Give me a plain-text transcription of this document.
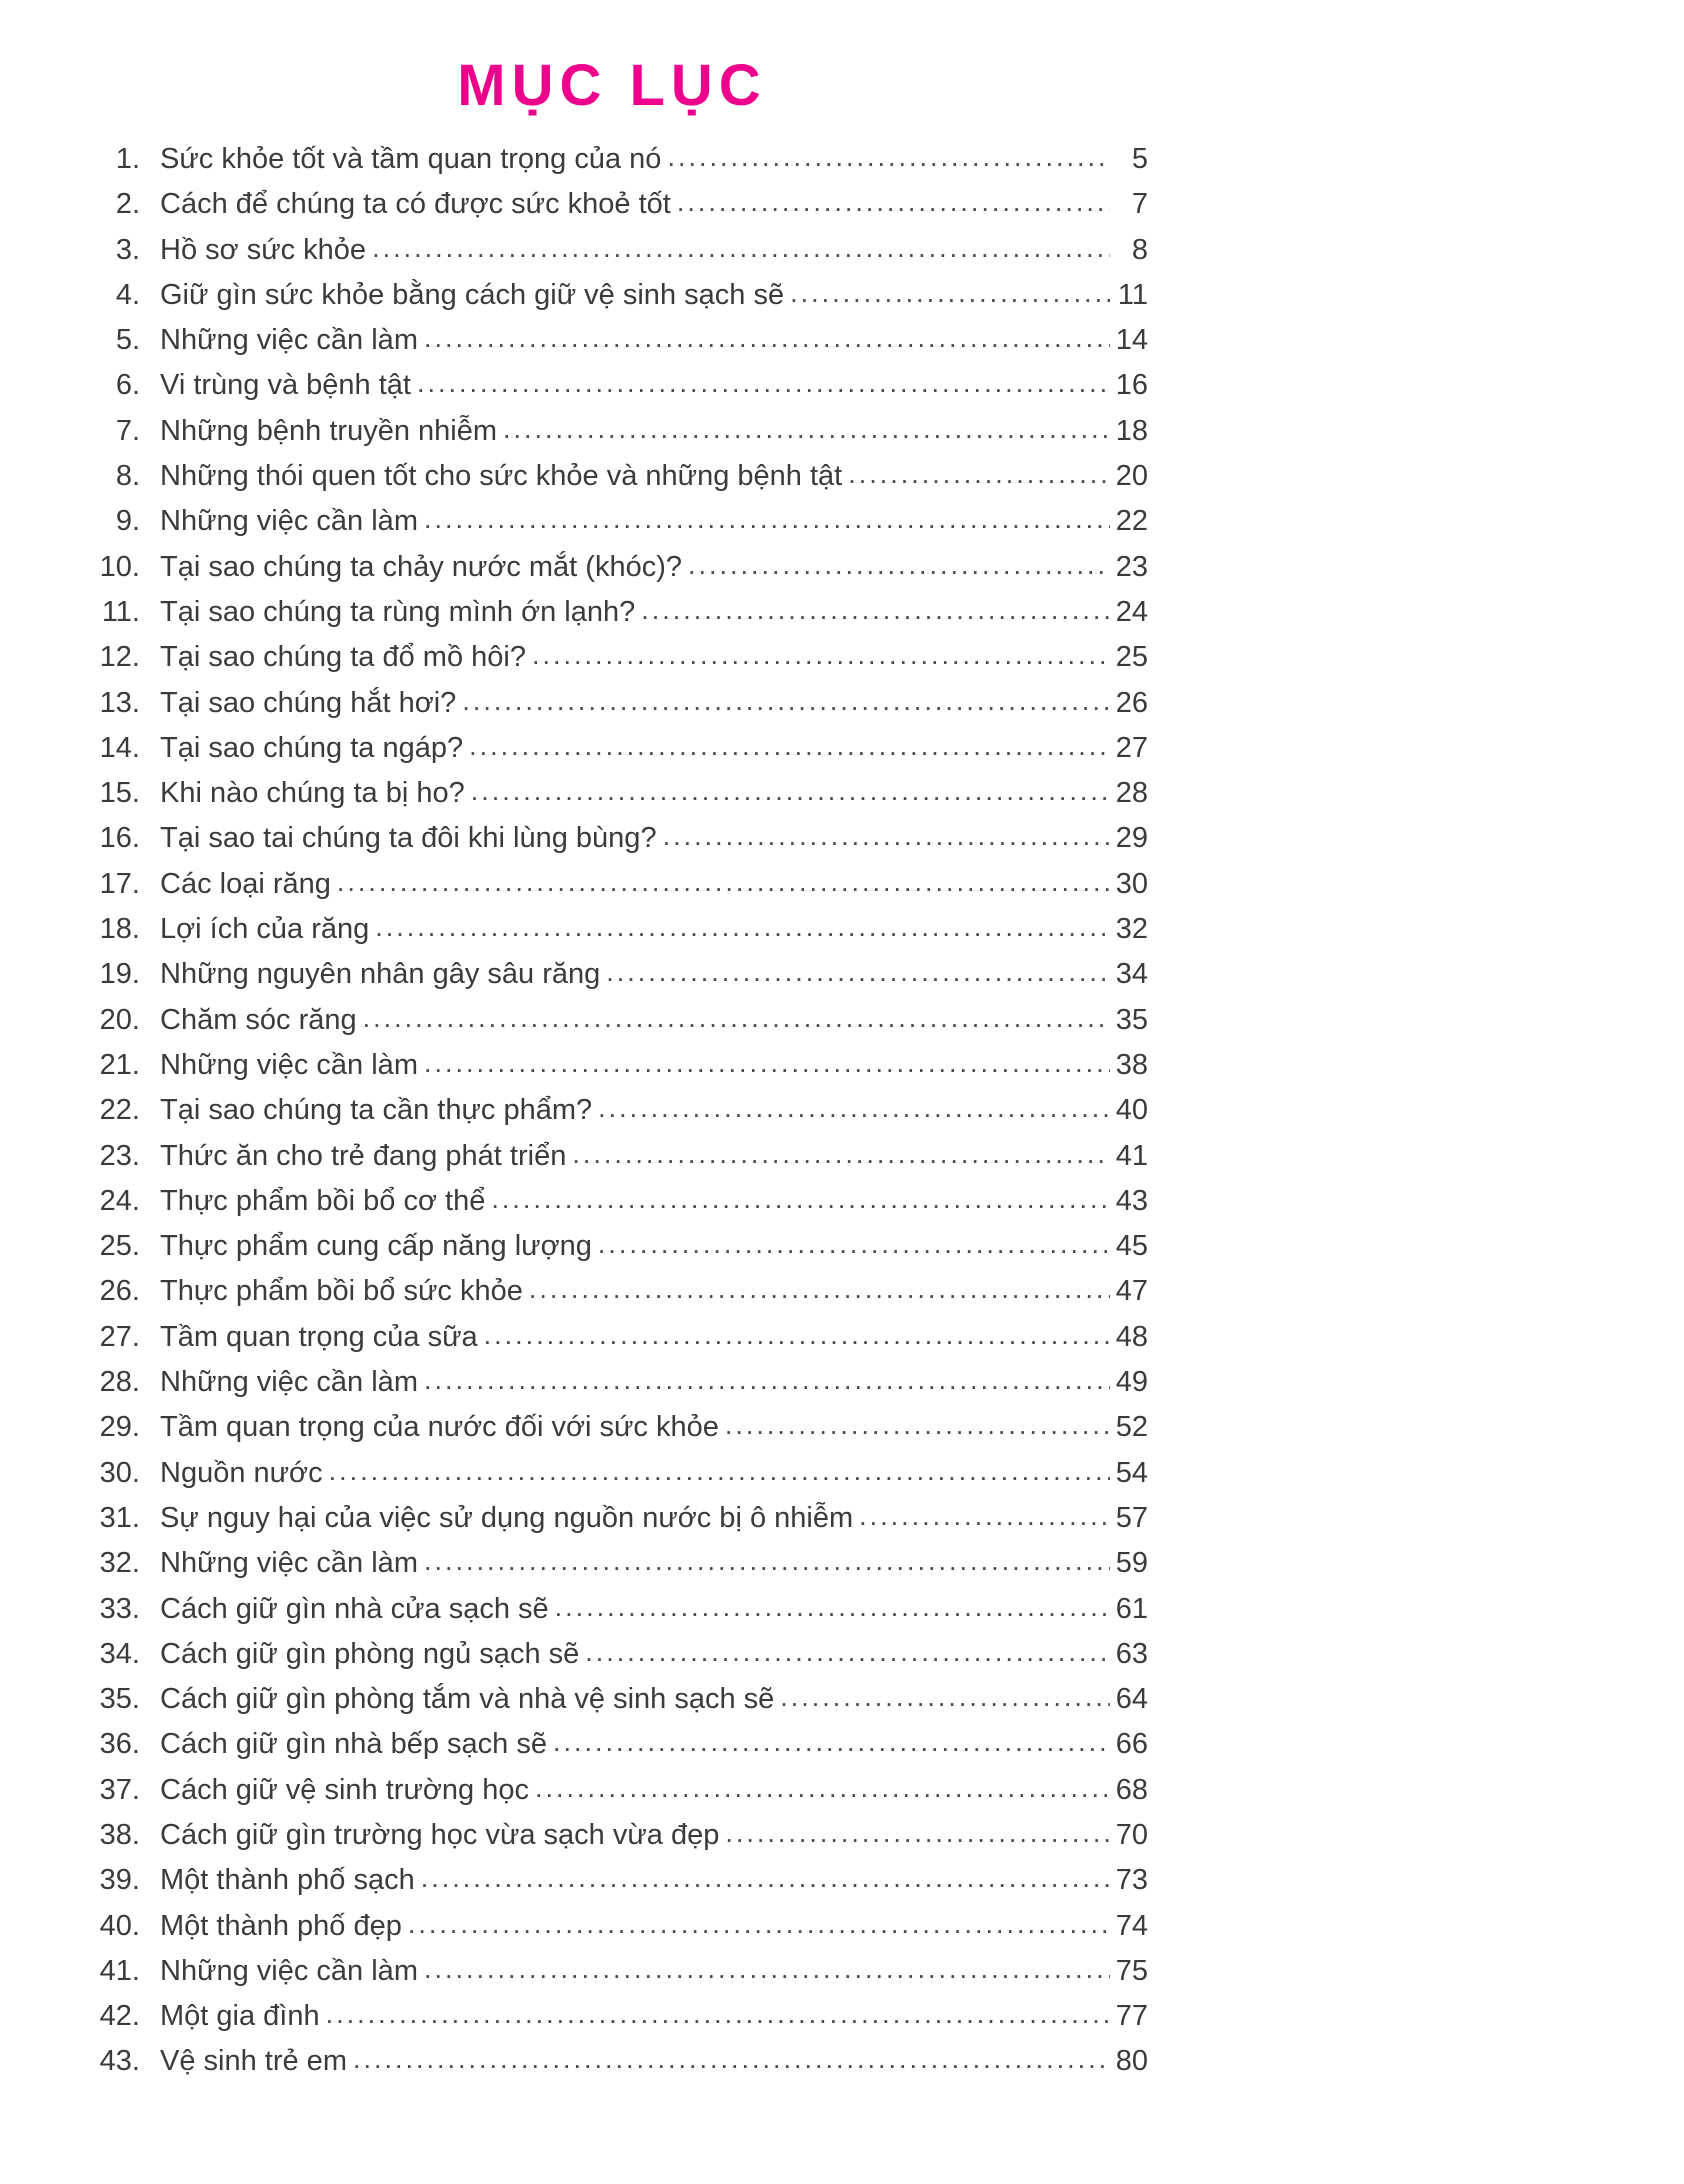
MỤC LỤC
1. Sức khỏe tốt và tầm quan trọng của nó .....	5
2. Cách để chúng ta có được sức khoẻ tốt .....	7
3. Hồ sơ sức khỏe .....	8
4. Giữ gìn sức khỏe bằng cách giữ vệ sinh sạch sẽ .....	11
5. Những việc cần làm .....	14
6. Vi trùng và bệnh tật .....	16
7. Những bệnh truyền nhiễm .....	18
8. Những thói quen tốt cho sức khỏe và những bệnh tật .....	20
9. Những việc cần làm .....	22
10. Tại sao chúng ta chảy nước mắt (khóc)? .....	23
11. Tại sao chúng ta rùng mình ớn lạnh? .....	24
12. Tại sao chúng ta đổ mồ hôi? .....	25
13. Tại sao chúng hắt hơi? .....	26
14. Tại sao chúng ta ngáp? .....	27
15. Khi nào chúng ta bị ho? .....	28
16. Tại sao tai chúng ta đôi khi lùng bùng? .....	29
17. Các loại răng .....	30
18. Lợi ích của răng .....	32
19. Những nguyên nhân gây sâu răng .....	34
20. Chăm sóc răng .....	35
21. Những việc cần làm .....	38
22. Tại sao chúng ta cần thực phẩm? .....	40
23. Thức ăn cho trẻ đang phát triển .....	41
24. Thực phẩm bồi bổ cơ thể .....	43
25. Thực phẩm cung cấp năng lượng .....	45
26. Thực phẩm bồi bổ sức khỏe .....	47
27. Tầm quan trọng của sữa .....	48
28. Những việc cần làm .....	49
29. Tầm quan trọng của nước đối với sức khỏe .....	52
30. Nguồn nước .....	54
31. Sự nguy hại của việc sử dụng nguồn nước bị ô nhiễm .....	57
32. Những việc cần làm .....	59
33. Cách giữ gìn nhà cửa sạch sẽ .....	61
34. Cách giữ gìn phòng ngủ sạch sẽ .....	63
35. Cách giữ gìn phòng tắm và nhà vệ sinh sạch sẽ .....	64
36. Cách giữ gìn nhà bếp sạch sẽ .....	66
37. Cách giữ vệ sinh trường học .....	68
38. Cách giữ gìn trường học vừa sạch vừa đẹp .....	70
39. Một thành phố sạch .....	73
40. Một thành phố đẹp .....	74
41. Những việc cần làm .....	75
42. Một gia đình .....	77
43. Vệ sinh trẻ em .....	80
